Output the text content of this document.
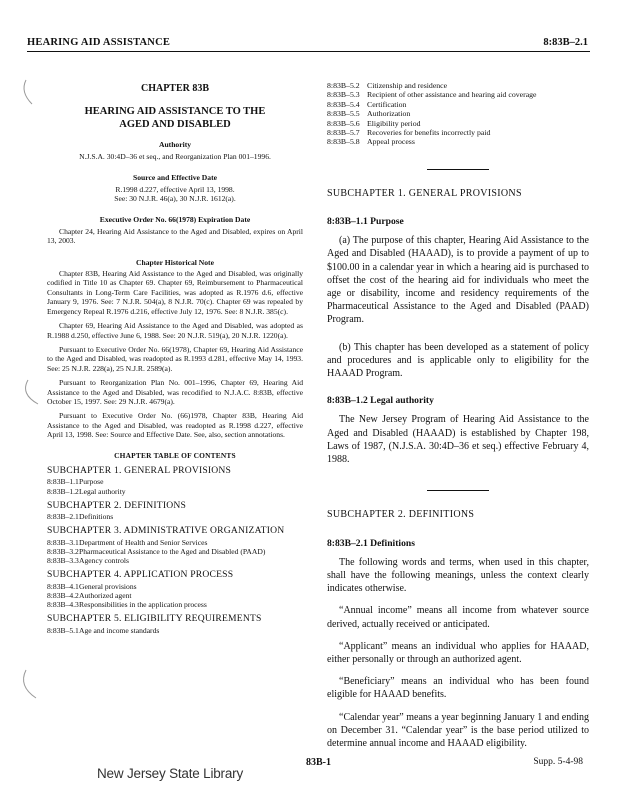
HEARING AID ASSISTANCE	8:83B–2.1
CHAPTER 83B
HEARING AID ASSISTANCE TO THE
AGED AND DISABLED
Authority
N.J.S.A. 30:4D–36 et seq., and Reorganization Plan 001–1996.
Source and Effective Date
R.1998 d.227, effective April 13, 1998.
See: 30 N.J.R. 46(a), 30 N.J.R. 1612(a).
Executive Order No. 66(1978) Expiration Date

Chapter 24, Hearing Aid Assistance to the Aged and Disabled, expires on April 13, 2003.

Chapter Historical Note

Chapter 83B, Hearing Aid Assistance to the Aged and Disabled, was originally codified in Title 10 as Chapter 69. Chapter 69, Reimbursement to Pharmaceutical Consultants in Long-Term Care Facilities, was adopted as R.1976 d.6, effective January 9, 1976. See: 7 N.J.R. 504(a), 8 N.J.R. 70(c). Chapter 69 was repealed by Emergency Repeal R.1976 d.216, effective July 12, 1976. See: 8 N.J.R. 385(c).

Chapter 69, Hearing Aid Assistance to the Aged and Disabled, was adopted as R.1988 d.250, effective June 6, 1988. See: 20 N.J.R. 519(a), 20 N.J.R. 1220(a).

Pursuant to Executive Order No. 66(1978), Chapter 69, Hearing Aid Assistance to the Aged and Disabled, was readopted as R.1993 d.281, effective May 14, 1993. See: 25 N.J.R. 228(a), 25 N.J.R. 2589(a).

Pursuant to Reorganization Plan No. 001–1996, Chapter 69, Hearing Aid Assistance to the Aged and Disabled, was recodified to N.J.A.C. 8:83B, effective October 15, 1997. See: 29 N.J.R. 4679(a).

Pursuant to Executive Order No. (66)1978, Chapter 83B, Hearing Aid Assistance to the Aged and Disabled, was readopted as R.1998 d.227, effective April 13, 1998. See: Source and Effective Date. See, also, section annotations.

CHAPTER TABLE OF CONTENTS
SUBCHAPTER 1. GENERAL PROVISIONS
8:83B–1.1 Purpose
8:83B–1.2 Legal authority
SUBCHAPTER 2. DEFINITIONS
8:83B–2.1 Definitions
SUBCHAPTER 3. ADMINISTRATIVE ORGANIZATION
8:83B–3.1 Department of Health and Senior Services
8:83B–3.2 Pharmaceutical Assistance to the Aged and Disabled (PAAD)
8:83B–3.3 Agency controls
SUBCHAPTER 4. APPLICATION PROCESS
8:83B–4.1 General provisions
8:83B–4.2 Authorized agent
8:83B–4.3 Responsibilities in the application process
SUBCHAPTER 5. ELIGIBILITY REQUIREMENTS
8:83B–5.1 Age and income standards
8:83B–5.2 Citizenship and residence
8:83B–5.3 Recipient of other assistance and hearing aid coverage
8:83B–5.4 Certification
8:83B–5.5 Authorization
8:83B–5.6 Eligibility period
8:83B–5.7 Recoveries for benefits incorrectly paid
8:83B–5.8 Appeal process
SUBCHAPTER 1. GENERAL PROVISIONS
8:83B–1.1 Purpose

(a) The purpose of this chapter, Hearing Aid Assistance to the Aged and Disabled (HAAAD), is to provide a payment of up to $100.00 in a calendar year in which a hearing aid is purchased to offset the cost of the hearing aid for individuals who meet the age or disability, income and residency requirements of the Pharmaceutical Assistance to the Aged and Disabled (PAAD) Program.

(b) This chapter has been developed as a statement of policy and procedures and is applicable only to eligibility for the HAAAD Program.

8:83B–1.2 Legal authority

The New Jersey Program of Hearing Aid Assistance to the Aged and Disabled (HAAAD) is established by Chapter 198, Laws of 1987, (N.J.S.A. 30:4D–36 et seq.) effective February 4, 1988.

SUBCHAPTER 2. DEFINITIONS
8:83B–2.1 Definitions

The following words and terms, when used in this chapter, shall have the following meanings, unless the context clearly indicates otherwise.

“Annual income” means all income from whatever source derived, actually received or anticipated.

“Applicant” means an individual who applies for HAAAD, either personally or through an authorized agent.

“Beneficiary” means an individual who has been found eligible for HAAAD benefits.

“Calendar year” means a year beginning January 1 and ending on December 31. “Calendar year” is the base period utilized to determine annual income and HAAAD eligibility.

New Jersey State Library
83B-1	Supp. 5-4-98
